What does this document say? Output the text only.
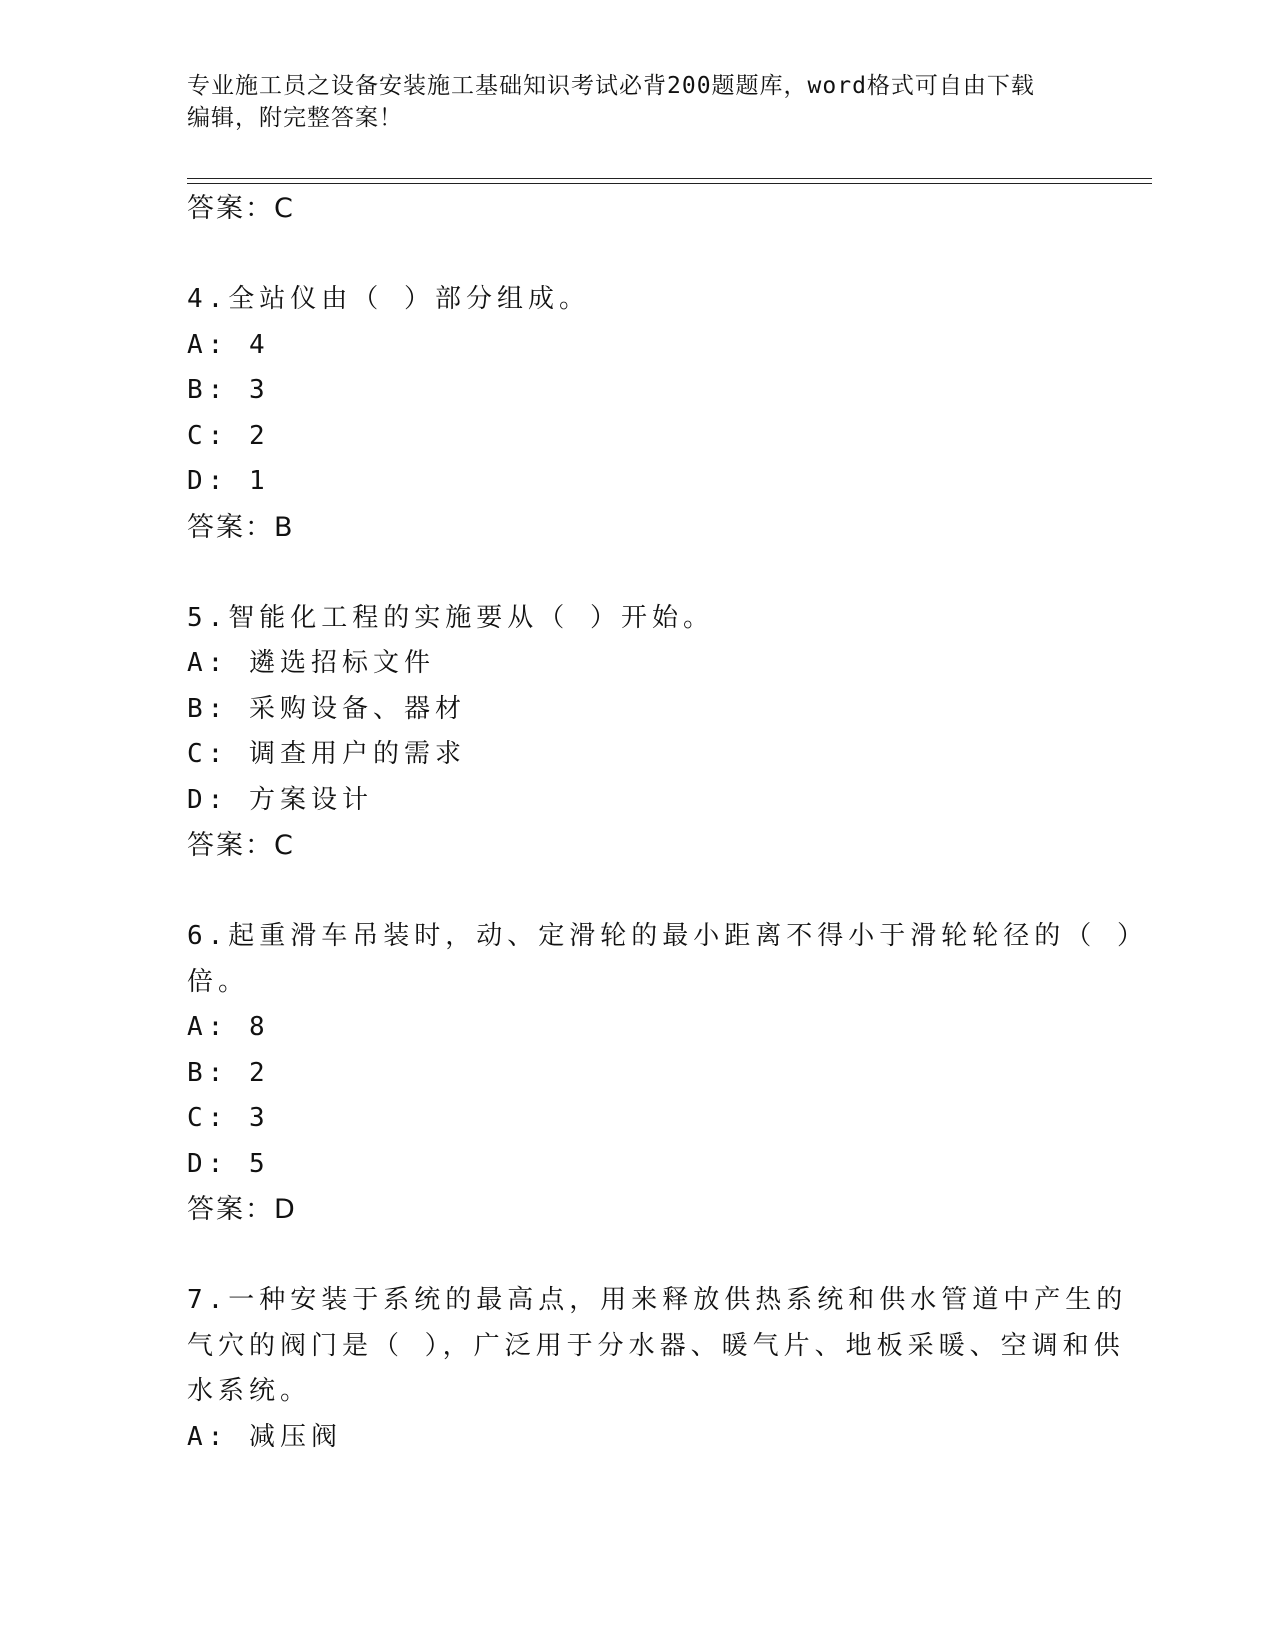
专业施工员之设备安装施工基础知识考试必背200题题库，word格式可自由下载
编辑，附完整答案！
答案：C
4.全站仪由（ ）部分组成。
A: 4
B: 3
C: 2
D: 1
答案：B
5.智能化工程的实施要从（ ）开始。
A: 遴选招标文件
B: 采购设备、器材
C: 调查用户的需求
D: 方案设计
答案：C
6.起重滑车吊装时，动、定滑轮的最小距离不得小于滑轮轮径的（ ）
倍。
A: 8
B: 2
C: 3
D: 5
答案：D
7.一种安装于系统的最高点，用来释放供热系统和供水管道中产生的
气穴的阀门是（ ），广泛用于分水器、暖气片、地板采暖、空调和供
水系统。
A: 减压阀
